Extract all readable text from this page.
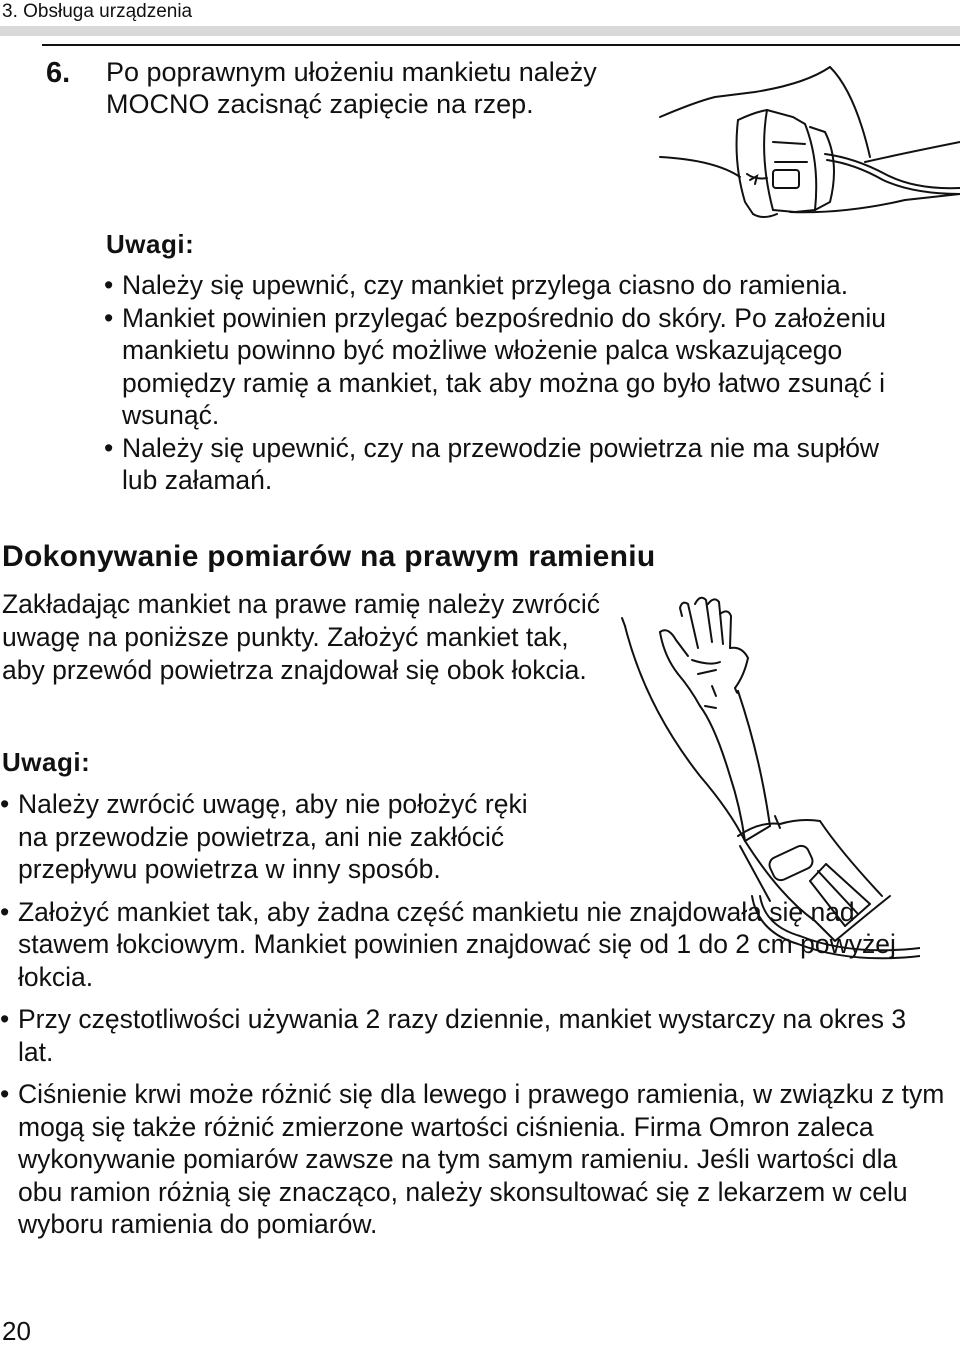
3. Obsługa urządzenia
6. Po poprawnym ułożeniu mankietu należy MOCNO zacisnąć zapięcie na rzep.
Uwagi:
• Należy się upewnić, czy mankiet przylega ciasno do ramienia.
• Mankiet powinien przylegać bezpośrednio do skóry. Po założeniu mankietu powinno być możliwe włożenie palca wskazującego pomiędzy ramię a mankiet, tak aby można go było łatwo zsunąć i wsunąć.
• Należy się upewnić, czy na przewodzie powietrza nie ma supłów lub załamań.
Dokonywanie pomiarów na prawym ramieniu
Zakładając mankiet na prawe ramię należy zwrócić uwagę na poniższe punkty. Założyć mankiet tak, aby przewód powietrza znajdował się obok łokcia.
Uwagi:
• Należy zwrócić uwagę, aby nie położyć ręki na przewodzie powietrza, ani nie zakłócić przepływu powietrza w inny sposób.
• Założyć mankiet tak, aby żadna część mankietu nie znajdowała się nad stawem łokciowym. Mankiet powinien znajdować się od 1 do 2 cm powyżej łokcia.
• Przy częstotliwości używania 2 razy dziennie, mankiet wystarczy na okres 3 lat.
• Ciśnienie krwi może różnić się dla lewego i prawego ramienia, w związku z tym mogą się także różnić zmierzone wartości ciśnienia. Firma Omron zaleca wykonywanie pomiarów zawsze na tym samym ramieniu. Jeśli wartości dla obu ramion różnią się znacząco, należy skonsultować się z lekarzem w celu wyboru ramienia do pomiarów.
20
